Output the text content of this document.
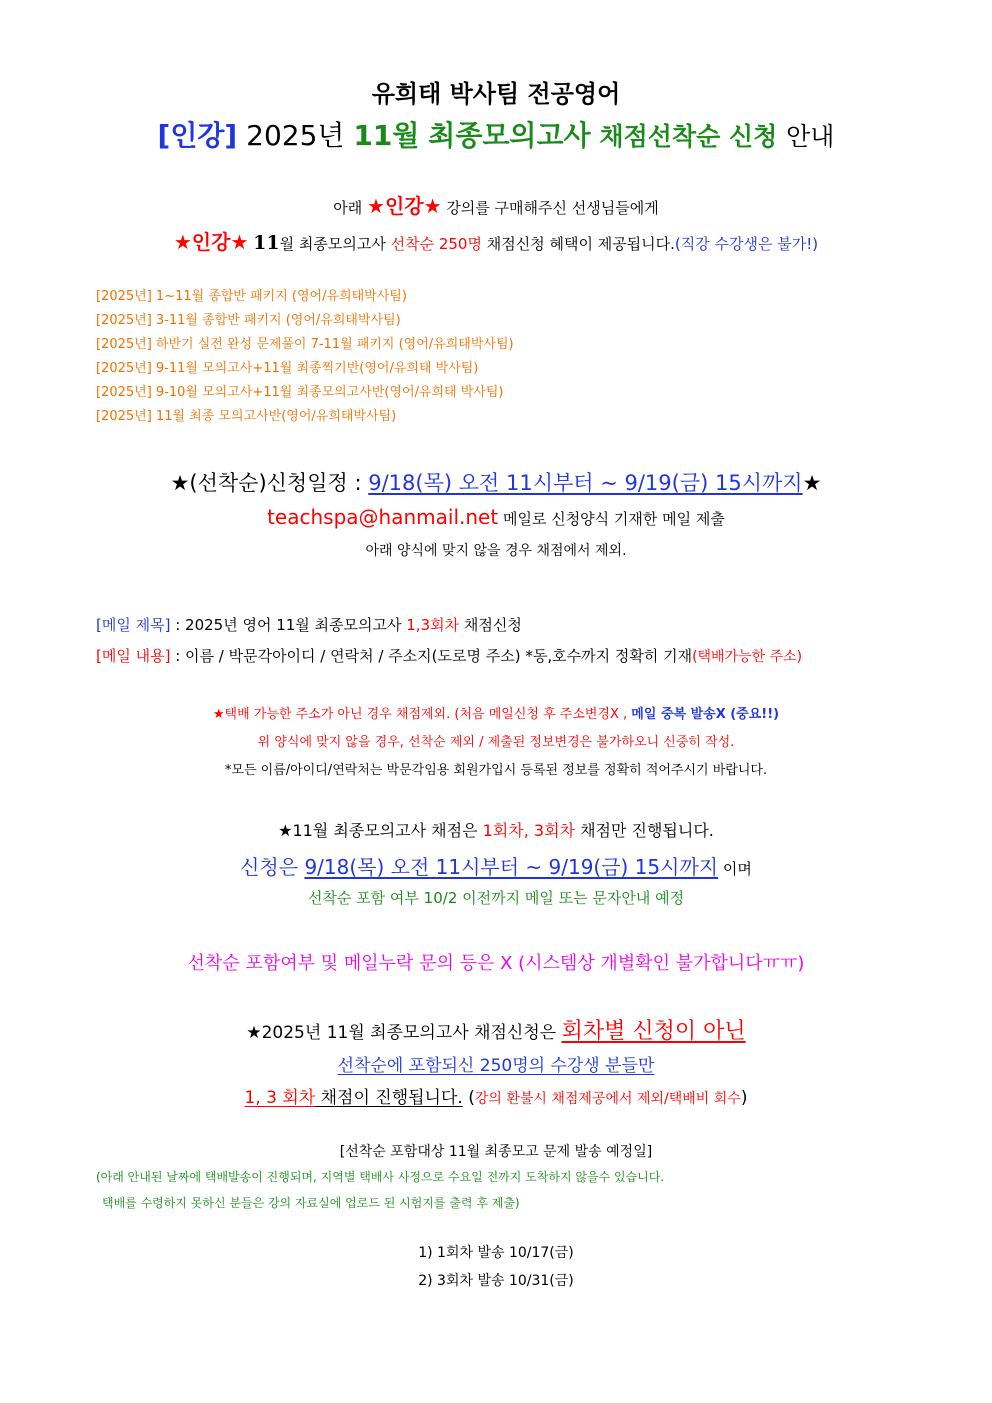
유희태 박사팀 전공영어
[인강] 2025년 11월 최종모의고사 채점선착순 신청 안내
아래 ★인강★ 강의를 구매해주신 선생님들에게
★인강★ 11월 최종모의고사 선착순 250명 채점신청 혜택이 제공됩니다.(직강 수강생은 불가!)
[2025년] 1~11월 종합반 패키지 (영어/유희태박사팀)
[2025년] 3-11월 종합반 패키지 (영어/유희태박사팀)
[2025년] 하반기 실전 완성 문제풀이 7-11월 패키지 (영어/유희태박사팀)
[2025년] 9-11월 모의고사+11월 최종찍기반(영어/유희태 박사팀)
[2025년] 9-10월 모의고사+11월 최종모의고사반(영어/유희태 박사팀)
[2025년] 11월 최종 모의고사반(영어/유희태박사팀)
★(선착순)신청일정 : 9/18(목) 오전 11시부터 ~ 9/19(금) 15시까지★
teachspa@hanmail.net 메일로 신청양식 기재한 메일 제출
아래 양식에 맞지 않을 경우 채점에서 제외.
[메일 제목] : 2025년 영어 11월 최종모의고사 1,3회차 채점신청
[메일 내용] : 이름 / 박문각아이디 / 연락처 / 주소지(도로명 주소) *동,호수까지 정확히 기재(택배가능한 주소)
★택배 가능한 주소가 아닌 경우 채점제외. (처음 메일신청 후 주소변경X , 메일 중복 발송X (중요!!)
위 양식에 맞지 않을 경우, 선착순 제외 / 제출된 정보변경은 불가하오니 신중히 작성.
*모든 이름/아이디/연락처는 박문각임용 회원가입시 등록된 정보를 정확히 적어주시기 바랍니다.
★11월 최종모의고사 채점은 1회차, 3회차 채점만 진행됩니다.
신청은 9/18(목) 오전 11시부터 ~ 9/19(금) 15시까지 이며
선착순 포함 여부 10/2 이전까지 메일 또는 문자안내 예정
선착순 포함여부 및 메일누락 문의 등은 X (시스템상 개별확인 불가합니다ㅠㅠ)
★2025년 11월 최종모의고사 채점신청은 회차별 신청이 아닌
선착순에 포함되신 250명의 수강생 분들만
1, 3 회차 채점이 진행됩니다. (강의 환불시 채점제공에서 제외/택배비 회수)
[선착순 포함대상 11월 최종모고 문제 발송 예정일]
(아래 안내된 날짜에 택배발송이 진행되며, 지역별 택배사 사정으로 수요일 전까지 도착하지 않을수 있습니다.
택배를 수령하지 못하신 분들은 강의 자료실에 업로드 된 시험지를 출력 후 제출)
1) 1회차 발송 10/17(금)
2) 3회차 발송 10/31(금)
